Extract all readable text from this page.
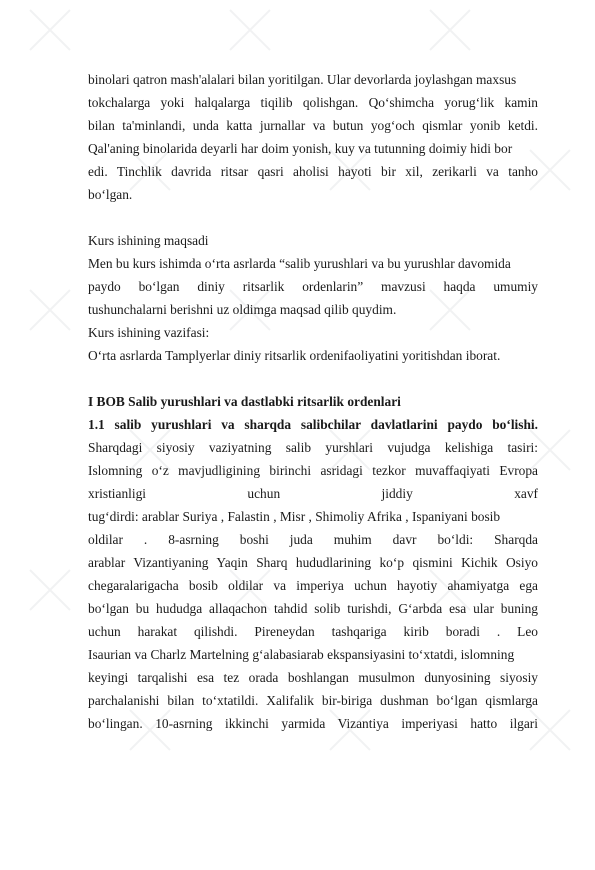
binolari qatron mash'alalari bilan yoritilgan. Ular devorlarda joylashgan maxsus
tokchalarga yoki halqalarga tiqilib qolishgan. Qo‘shimcha yorug‘lik kamin
bilan ta'minlandi, unda katta jurnallar va butun yog‘och qismlar yonib ketdi.
Qal'aning binolarida deyarli har doim yonish, kuy va tutunning doimiy hidi bor
edi. Tinchlik davrida ritsar qasri aholisi hayoti bir xil, zerikarli va tanho
bo‘lgan.
Kurs ishining maqsadi
Men bu kurs ishimda o‘rta asrlarda “salib yurushlari va bu yurushlar davomida
paydo bo‘lgan diniy ritsarlik ordenlarin” mavzusi haqda umumiy
tushunchalarni berishni uz oldimga maqsad qilib quydim.
Kurs ishining vazifasi:
O‘rta asrlarda Tamplyerlar diniy ritsarlik ordenifaoliyatini yoritishdan iborat.
I BOB Salib yurushlari va dastlabki ritsarlik ordenlari
1.1 salib yurushlari va sharqda salibchilar davlatlarini paydo bo‘lishi.
Sharqdagi siyosiy vaziyatning salib yurshlari vujudga kelishiga tasiri:
Islomning o‘z mavjudligining birinchi asridagi tezkor muvaffaqiyati Evropa
xristianligi uchun jiddiy xavf
tug‘dirdi: arablar Suriya , Falastin , Misr , Shimoliy Afrika , Ispaniyani bosib
oldilar . 8-asrning boshi juda muhim davr bo‘ldi: Sharqda
arablar Vizantiyaning Yaqin Sharq hududlarining ko‘p qismini Kichik Osiyo
chegaralarigacha bosib oldilar va imperiya uchun hayotiy ahamiyatga ega
bo‘lgan bu hududga allaqachon tahdid solib turishdi, G‘arbda esa ular buning
uchun harakat qilishdi. Pireneydan tashqariga kirib boradi . Leo
Isaurian va Charlz Martelning g‘alabasiarab ekspansiyasini to‘xtatdi, islomning
keyingi tarqalishi esa tez orada boshlangan musulmon dunyosining siyosiy
parchalanishi bilan to‘xtatildi. Xalifalik bir-biriga dushman bo‘lgan qismlarga
bo‘lingan. 10-asrning ikkinchi yarmida Vizantiya imperiyasi hatto ilgari
